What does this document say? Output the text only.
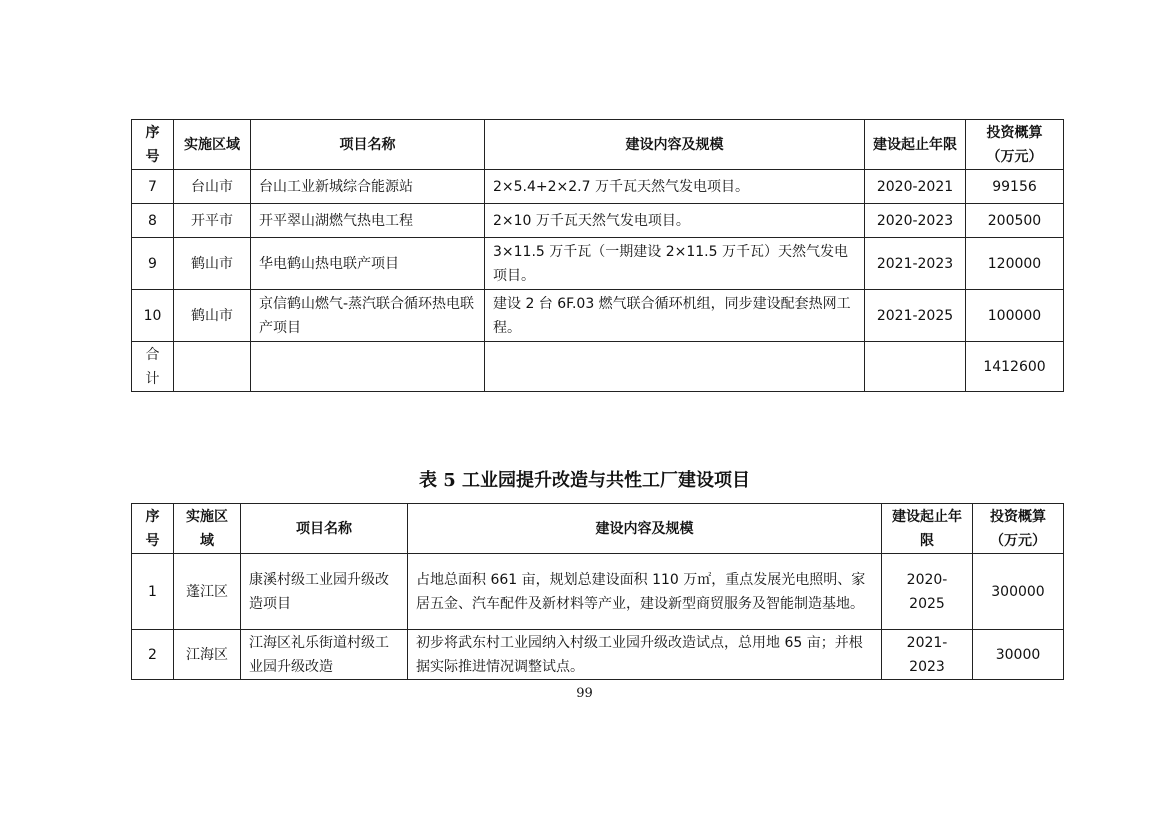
序号	实施区域	项目名称	建设内容及规模	建设起止年限	投资概算（万元）
7	台山市	台山工业新城综合能源站	2×5.4+2×2.7 万千瓦天然气发电项目。	2020-2021	99156
8	开平市	开平翠山湖燃气热电工程	2×10 万千瓦天然气发电项目。	2020-2023	200500
9	鹤山市	华电鹤山热电联产项目	3×11.5 万千瓦（一期建设 2×11.5 万千瓦）天然气发电项目。	2021-2023	120000
10	鹤山市	京信鹤山燃气-蒸汽联合循环热电联产项目	建设 2 台 6F.03 燃气联合循环机组，同步建设配套热网工程。	2021-2025	100000
合计					1412600
表 5 工业园提升改造与共性工厂建设项目
序号	实施区域	项目名称	建设内容及规模	建设起止年限	投资概算（万元）
1	蓬江区	康溪村级工业园升级改造项目	占地总面积 661 亩，规划总建设面积 110 万㎡，重点发展光电照明、家居五金、汽车配件及新材料等产业，建设新型商贸服务及智能制造基地。	2020-2025	300000
2	江海区	江海区礼乐街道村级工业园升级改造	初步将武东村工业园纳入村级工业园升级改造试点，总用地 65 亩；并根据实际推进情况调整试点。	2021-2023	30000
99
